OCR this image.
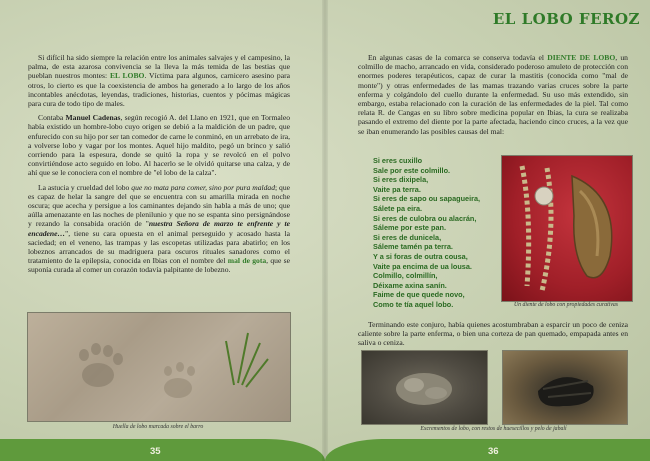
Si difícil ha sido siempre la relación entre los animales salvajes y el campesino, la palma, de esta azarosa convivencia se la lleva la más temida de las bestias que pueblan nuestros montes: EL LOBO. Víctima para algunos, carnicero asesino para otros, lo cierto es que la coexistencia de ambos ha generado a lo largo de los años incontables anécdotas, leyendas, tradiciones, historias, cuentos y pócimas mágicas para cura de todo tipo de males.

Contaba Manuel Cadenas, según recogió A. del Llano en 1921, que en Tormaleo había existido un hombre-lobo cuyo origen se debió a la maldición de un padre, que enfurecido con su hijo por ser tan comedor de carne le conminó, en un arrebato de ira, a volverse lobo y vagar por los montes. Aquel hijo maldito, pegó un brinco y salió corriendo para la espesura, donde se quitó la ropa y se revolcó en el polvo convirtiéndose acto seguido en lobo. Al hacerlo se le olvidó quitarse una calza, y de ahí que se le conociera con el nombre de "el lobo de la calza".

La astucia y crueldad del lobo que no mata para comer, sino por pura maldad; que es capaz de helar la sangre del que se encuentra con su amarilla mirada en noche oscura; que acecha y persigue a los caminantes dejando sin habla a más de uno; que aúlla amenazante en las noches de plenilunio y que no se espanta sino persignándose y rezando la consabida oración de "nuestra Señora de marzo te enfrente y te encadene…", tiene su cara opuesta en el animal perseguido y acosado hasta la saciedad; en el veneno, las trampas y las escopetas utilizadas para abatirlo; en los lobeznos arrancados de su madriguera para oscuros rituales sanadores como el tratamiento de la epilepsia, conocida en Ibias con el nombre del mal de gota, que se suponía curada al comer un corazón todavía palpitante de lobezno.

Huella de lobo marcada sobre el barro
35
EL LOBO FEROZ

En algunas casas de la comarca se conserva todavía el DIENTE DE LOBO, un colmillo de macho, arrancado en vida, considerado poderoso amuleto de protección con enormes poderes terapéuticos, capaz de curar la mastitis (conocida como "mal de monte") y otras enfermedades de las mamas trazando varias cruces sobre la parte enferma y colgándolo del cuello durante la enfermedad. Su uso más extendido, sin embargo, estaba relacionado con la curación de las enfermedades de la piel. Tal como relata R. de Cangas en su libro sobre medicina popular en Ibias, la cura se realizaba pasando el extremo del diente por la parte afectada, haciendo cinco cruces, a la vez que se iban enumerando las posibles causas del mal:

Si eres cuxillo
Sale por este colmillo.
Si eres dixipela,
Vaite pa terra.
Si eres de sapo ou sapagueira,
Sálete pa eira.
Si eres de culobra ou alacrán,
Sáleme por este pan.
Si eres de dunicela,
Sáleme tamén pa terra.
Y a si foras de outra cousa,
Vaite pa encima de ua lousa.
Colmillo, colmillín,
Déixame axina sanín.
Faime de que quede novo,
Como te tía aquel lobo.	Un diente de lobo con propiedades curativas

Terminando este conjuro, había quienes acostumbraban a esparcir un poco de ceniza caliente sobre la parte enferma, o bien una corteza de pan quemado, empapada antes en saliva o ceniza.

Excrementos de lobo, con restos de huesecillos y pelo de jabalí
36
